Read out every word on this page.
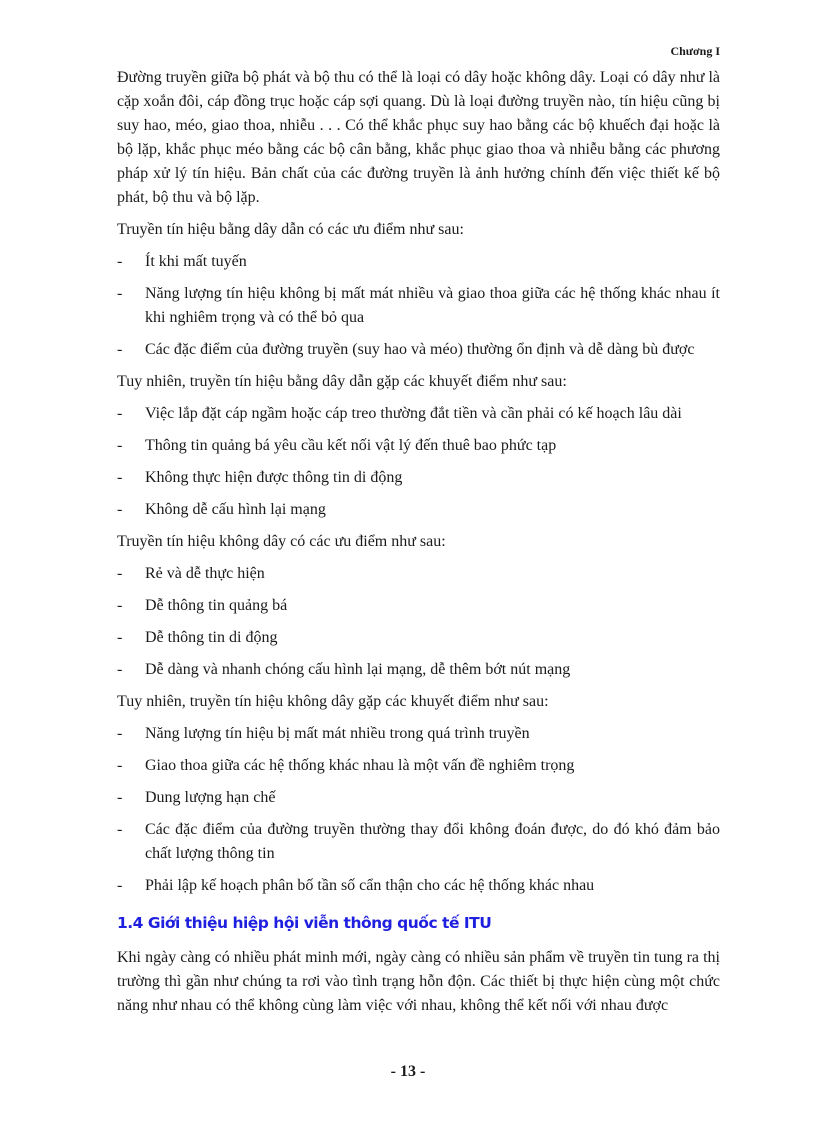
Chương I

Đường truyền giữa bộ phát và bộ thu có thể là loại có dây hoặc không dây. Loại có dây như là cặp xoắn đôi, cáp đồng trục hoặc cáp sợi quang. Dù là loại đường truyền nào, tín hiệu cũng bị suy hao, méo, giao thoa, nhiễu . . . Có thể khắc phục suy hao bằng các bộ khuếch đại hoặc là bộ lặp, khắc phục méo bằng các bộ cân bằng, khắc phục giao thoa và nhiễu bằng các phương pháp xử lý tín hiệu. Bản chất của các đường truyền là ảnh hưởng chính đến việc thiết kế bộ phát, bộ thu và bộ lặp.

Truyền tín hiệu bằng dây dẫn có các ưu điểm như sau:

- Ít khi mất tuyến
- Năng lượng tín hiệu không bị mất mát nhiều và giao thoa giữa các hệ thống khác nhau ít khi nghiêm trọng và có thể bỏ qua
- Các đặc điểm của đường truyền (suy hao và méo) thường ổn định và dễ dàng bù được

Tuy nhiên, truyền tín hiệu bằng dây dẫn gặp các khuyết điểm như sau:

- Việc lắp đặt cáp ngầm hoặc cáp treo thường đắt tiền và cần phải có kế hoạch lâu dài
- Thông tin quảng bá yêu cầu kết nối vật lý đến thuê bao phức tạp
- Không thực hiện được thông tin di động
- Không dễ cấu hình lại mạng

Truyền tín hiệu không dây có các ưu điểm như sau:

- Rẻ và dễ thực hiện
- Dễ thông tin quảng bá
- Dễ thông tin di động
- Dễ dàng và nhanh chóng cấu hình lại mạng, dễ thêm bớt nút mạng

Tuy nhiên, truyền tín hiệu không dây gặp các khuyết điểm như sau:

- Năng lượng tín hiệu bị mất mát nhiều trong quá trình truyền
- Giao thoa giữa các hệ thống khác nhau là một vấn đề nghiêm trọng
- Dung lượng hạn chế
- Các đặc điểm của đường truyền thường thay đổi không đoán được, do đó khó đảm bảo chất lượng thông tin
- Phải lập kế hoạch phân bố tần số cẩn thận cho các hệ thống khác nhau
1.4 Giới thiệu hiệp hội viễn thông quốc tế ITU

Khi ngày càng có nhiều phát minh mới, ngày càng có nhiều sản phẩm về truyền tin tung ra thị trường thì gần như chúng ta rơi vào tình trạng hỗn độn. Các thiết bị thực hiện cùng một chức năng như nhau có thể không cùng làm việc với nhau, không thể kết nối với nhau được

- 13 -
